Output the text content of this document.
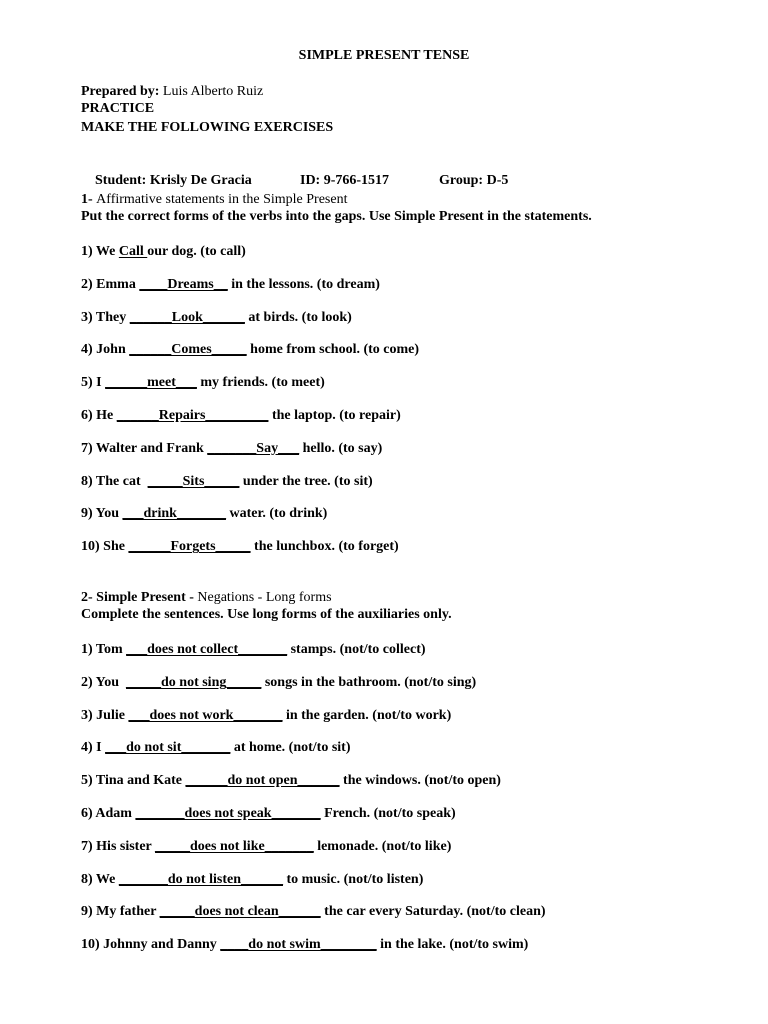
SIMPLE PRESENT TENSE
Prepared by: Luis Alberto Ruiz
PRACTICE
MAKE THE FOLLOWING EXERCISES

Student: Krisly De Gracia	ID: 9-766-1517	Group: D-5

1- Affirmative statements in the Simple Present
Put the correct forms of the verbs into the gaps. Use Simple Present in the statements.
1) We Call our dog. (to call)
2) Emma ____Dreams__ in the lessons. (to dream)
3) They ______Look______ at birds. (to look)
4) John ______Comes_____ home from school. (to come)
5) I ______meet___ my friends. (to meet)
6) He ______Repairs_________ the laptop. (to repair)
7) Walter and Frank _______Say___ hello. (to say)
8) The cat  _____Sits_____ under the tree. (to sit)
9) You ___drink_______ water. (to drink)
10) She ______Forgets_____ the lunchbox. (to forget)
2- Simple Present - Negations - Long forms
Complete the sentences. Use long forms of the auxiliaries only.
1) Tom ___does not collect_______ stamps. (not/to collect)
2) You  _____do not sing_____ songs in the bathroom. (not/to sing)
3) Julie ___does not work_______ in the garden. (not/to work)
4) I ___do not sit_______ at home. (not/to sit)
5) Tina and Kate ______do not open______ the windows. (not/to open)
6) Adam _______does not speak_______ French. (not/to speak)
7) His sister _____does not like_______ lemonade. (not/to like)
8) We _______do not listen______ to music. (not/to listen)
9) My father _____does not clean______ the car every Saturday. (not/to clean)
10) Johnny and Danny ____do not swim________ in the lake. (not/to swim)
